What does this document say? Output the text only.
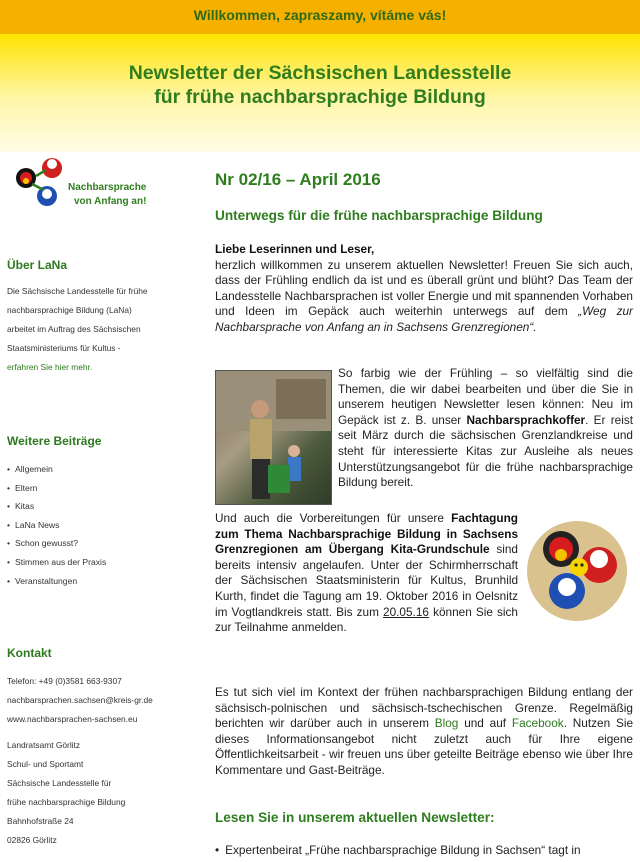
Willkommen, zapraszamy, vítáme vás!
Newsletter der Sächsischen Landesstelle
für frühe nachbarsprachige Bildung
Nachbarsprache
von Anfang an!
Über LaNa

Die Sächsische Landesstelle für frühe
nachbarsprachige Bildung (LaNa)
arbeitet im Auftrag des Sächsischen
Staatsministeriums für Kultus -
erfahren Sie hier mehr.

Weitere Beiträge
• Allgemein
• Eltern
• Kitas
• LaNa News
• Schon gewusst?
• Stimmen aus der Praxis
• Veranstaltungen
Kontakt

Telefon: +49 (0)3581 663-9307
nachbarsprachen.sachsen@kreis-gr.de
www.nachbarsprachen-sachsen.eu

Landratsamt Görlitz
Schul- und Sportamt
Sächsische Landesstelle für
frühe nachbarsprachige Bildung
Bahnhofstraße 24
02826 Görlitz

Nr 02/16 – April 2016
Unterwegs für die frühe nachbarsprachige Bildung
Liebe Leserinnen und Leser,
herzlich willkommen zu unserem aktuellen Newsletter! Freuen Sie sich auch, dass der Frühling endlich da ist und es überall grünt und blüht? Das Team der Landesstelle Nachbarsprachen ist voller Energie und mit spannenden Vorhaben und Ideen im Gepäck auch weiterhin unterwegs auf dem „Weg zur Nachbarsprache von Anfang an in Sachsens Grenzregionen“.
So farbig wie der Frühling – so vielfältig sind die Themen, die wir dabei bearbeiten und über die Sie in unserem heutigen Newsletter lesen können: Neu im Gepäck ist z. B. unser Nachbarsprachkoffer. Er reist seit März durch die sächsischen Grenzlandkreise und steht für interessierte Kitas zur Ausleihe als neues Unterstützungsangebot für die frühe nachbarsprachige Bildung bereit.
Und auch die Vorbereitungen für unsere Fachtagung zum Thema Nachbarsprachige Bildung in Sachsens Grenzregionen am Übergang Kita-Grundschule sind bereits intensiv angelaufen. Unter der Schirmherrschaft der Sächsischen Staatsministerin für Kultus, Brunhild Kurth, findet die Tagung am 19. Oktober 2016 in Oelsnitz im Vogtlandkreis statt. Bis zum 20.05.16 können Sie sich zur Teilnahme anmelden.
Es tut sich viel im Kontext der frühen nachbarsprachigen Bildung entlang der sächsisch-polnischen und sächsisch-tschechischen Grenze. Regelmäßig berichten wir darüber auch in unserem Blog und auf Facebook. Nutzen Sie dieses Informationsangebot nicht zuletzt auch für Ihre eigene Öffentlichkeitsarbeit - wir freuen uns über geteilte Beiträge ebenso wie über Ihre Kommentare und Gast-Beiträge.
Lesen Sie in unserem aktuellen Newsletter:
• Expertenbeirat „Frühe nachbarsprachige Bildung in Sachsen“ tagt in
